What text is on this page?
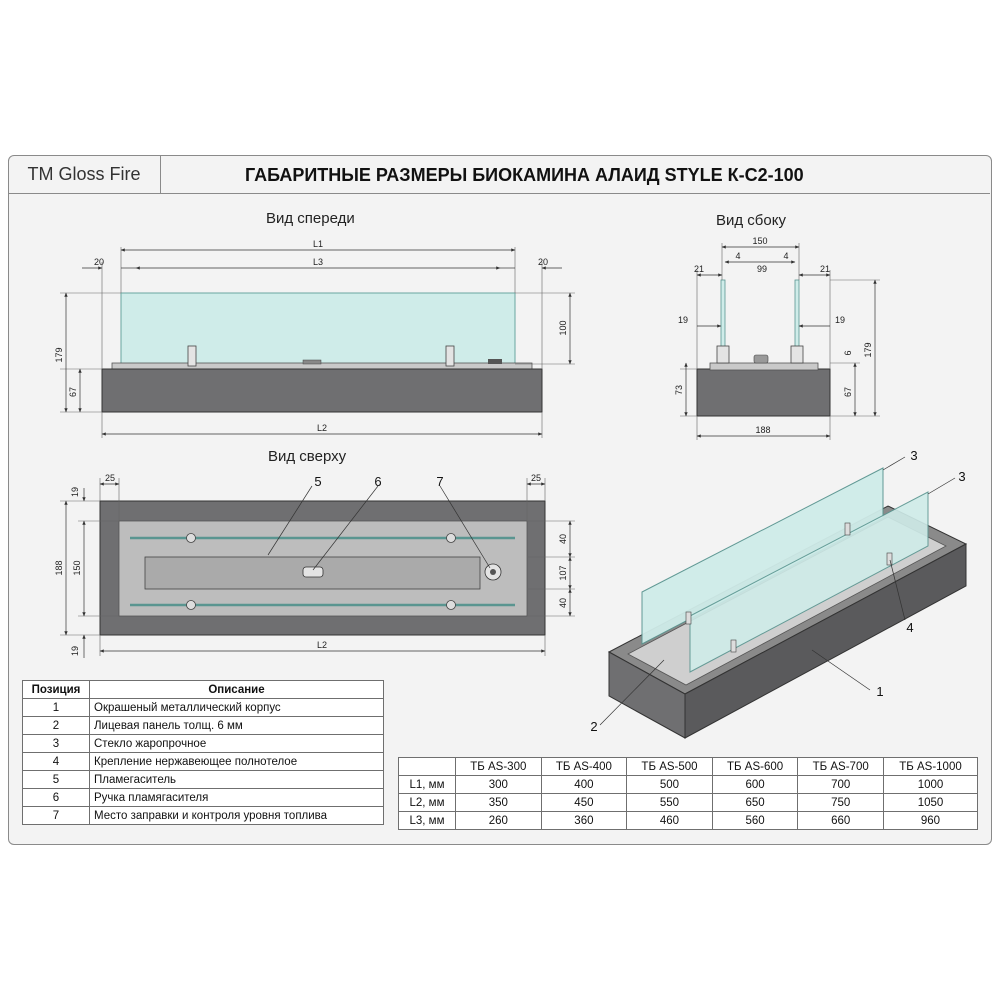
TM Gloss Fire	ГАБАРИТНЫЕ РАЗМЕРЫ БИОКАМИНА АЛАИД STYLE К-С2-100
L1
L3
20	20
L2
179
67
100
150
4	4
99
21	21
19	19
188
73
6
67
179
25	25
L2
19
19
188 150
40
107
40
5	6	7
3
3
4
1
2
Вид спереди	Вид сбоку
Вид сверху
Позиция	Описание
1	Окрашеный металлический корпус
2	Лицевая панель толщ. 6 мм
3	Стекло жаропрочное
4	Крепление нержавеющее полнотелое
5	Пламегаситель
6	Ручка пламягасителя
7	Место заправки и контроля уровня топлива
	ТБ AS-300	ТБ AS-400	ТБ AS-500	ТБ AS-600	ТБ AS-700	ТБ AS-1000
L1, мм	300	400	500	600	700	1000
L2, мм	350	450	550	650	750	1050
L3, мм	260	360	460	560	660	960
